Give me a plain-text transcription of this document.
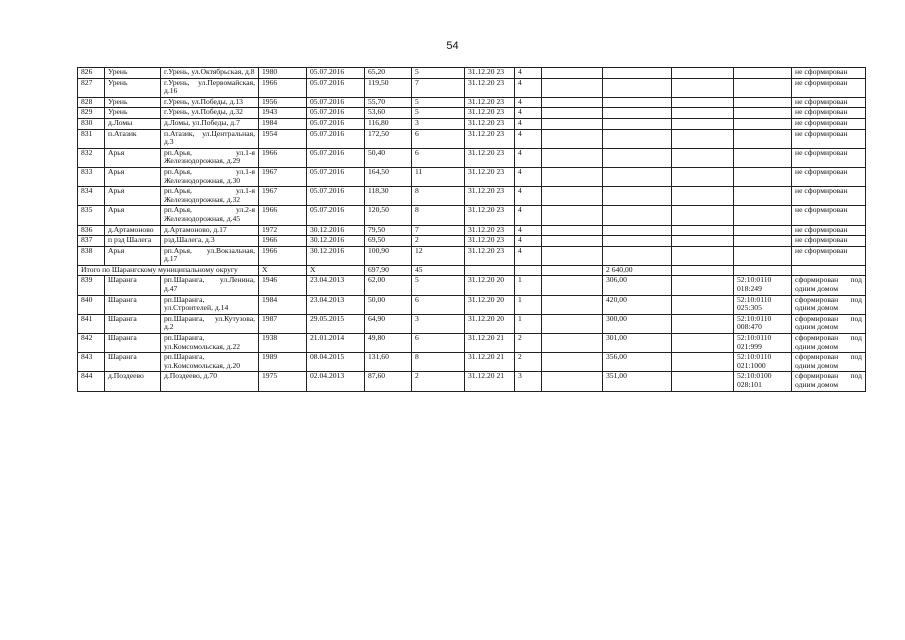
54
826	Урень	г.Урень, ул.Октябрьская, д.8	1980	05.07.2016	65,20	5	31.12.20 23	4					не сформирован
827	Урень	г.Урень, ул.Первомайская, д.16	1966	05.07.2016	119,50	7	31.12.20 23	4					не сформирован
828	Урень	г.Урень, ул.Победы, д.13	1956	05.07.2016	55,70	5	31.12.20 23	4					не сформирован
829	Урень	г.Урень, ул.Победы, д.32	1943	05.07.2016	53,60	5	31.12.20 23	4					не сформирован
830	д.Ломы	д.Ломы, ул.Победы, д.7	1984	05.07.2016	116,80	3	31.12.20 23	4					не сформирован
831	п.Атазик	п.Атазик, ул.Центральная, д.3	1954	05.07.2016	172,50	6	31.12.20 23	4					не сформирован
832	Арья	рп.Арья, ул.1-я Железнодорожная, д.29	1966	05.07.2016	50,40	6	31.12.20 23	4					не сформирован
833	Арья	рп.Арья, ул.1-я Железнодорожная, д.30	1967	05.07.2016	164,50	11	31.12.20 23	4					не сформирован
834	Арья	рп.Арья, ул.1-я Железнодорожная, д.32	1967	05.07.2016	118,30	8	31.12.20 23	4					не сформирован
835	Арья	рп.Арья, ул.2-я Железнодорожная, д.45	1966	05.07.2016	120,50	8	31.12.20 23	4					не сформирован
836	д.Артамоново	д.Артамоново, д.17	1972	30.12.2016	79,50	7	31.12.20 23	4					не сформирован
837	п рзд Шалега	рзд.Шалега, д.3	1966	30.12.2016	69,50	2	31.12.20 23	4					не сформирован
838	Арья	рп.Арья, ул.Вокзальная, д.17	1966	30.12.2016	100,90	12	31.12.20 23	4					не сформирован
Итого по Шарангскому муниципальному округу			X	X	697,90	45				2 640,00			
839	Шаранга	рп.Шаранга, ул.Ленина, д.47	1946	23.04.2013	62,00	5	31.12.20 20	1		306,00		52:10:0110 018:249	сформирован под одним домом
840	Шаранга	рп.Шаранга, ул.Строителей, д.14	1984	23.04.2013	50,00	6	31.12.20 20	1		420,00		52:10:0110 025:305	сформирован под одним домом
841	Шаранга	рп.Шаранга, ул.Кутузова, д.2	1987	29.05.2015	64,90	3	31.12.20 20	1		300,00		52:10:0110 008:470	сформирован под одним домом
842	Шаранга	рп.Шаранга, ул.Комсомольская, д.22	1938	21.01.2014	49,80	6	31.12.20 21	2		301,00		52:10:0110 021:999	сформирован под одним домом
843	Шаранга	рп.Шаранга, ул.Комсомольская, д.20	1989	08.04.2015	131,60	8	31.12.20 21	2		356,00		52:10:0110 021:1000	сформирован под одним домом
844	д.Поздеево	д.Поздеево, д.70	1975	02.04.2013	87,60	2	31.12.20 21	3		351,00		52:10:0100 028:101	сформирован под одним домом
